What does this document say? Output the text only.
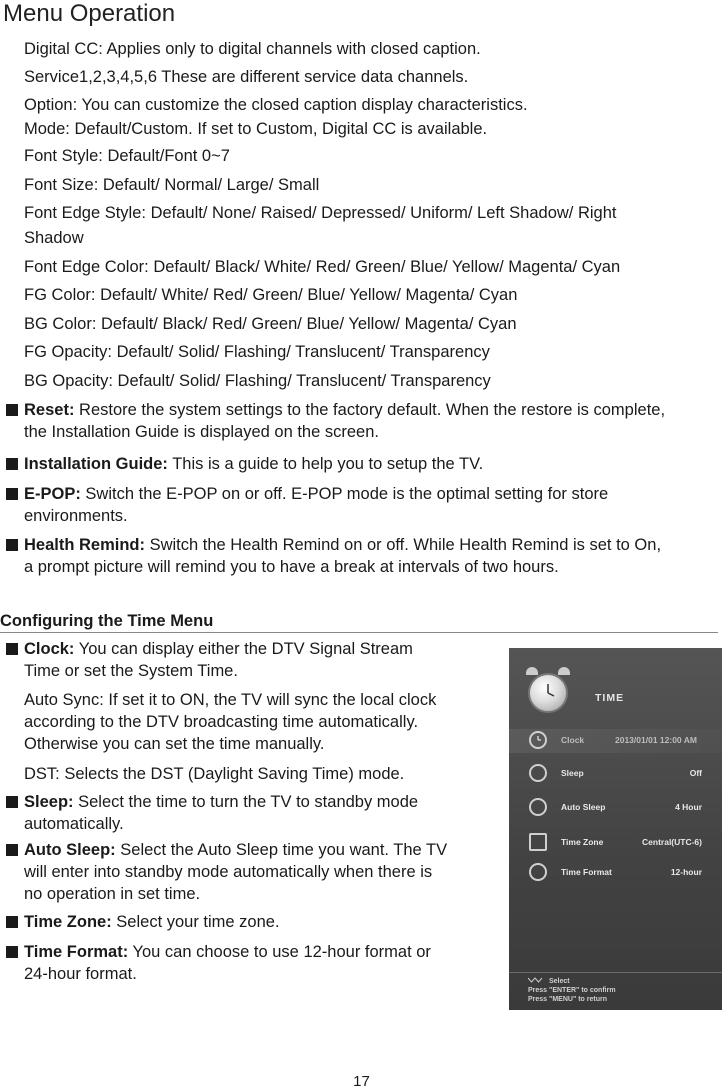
Menu Operation
Digital CC: Applies only to digital channels with closed caption.
Service1,2,3,4,5,6 These are different service data channels.
Option: You can customize the closed caption display characteristics.
Mode: Default/Custom. If set to Custom, Digital CC is available.
Font Style: Default/Font 0~7
Font Size: Default/ Normal/ Large/ Small
Font Edge Style: Default/ None/ Raised/ Depressed/ Uniform/ Left Shadow/ Right
Shadow
Font Edge Color: Default/ Black/ White/ Red/ Green/ Blue/ Yellow/ Magenta/ Cyan
FG Color: Default/ White/ Red/ Green/ Blue/ Yellow/ Magenta/ Cyan
BG Color: Default/ Black/ Red/ Green/ Blue/ Yellow/ Magenta/ Cyan
FG Opacity: Default/ Solid/ Flashing/ Translucent/ Transparency
BG Opacity: Default/ Solid/ Flashing/ Translucent/ Transparency
Reset: Restore the system settings to the factory default. When the restore is complete,
the Installation Guide is displayed on the screen.
Installation Guide: This is a guide to help you to setup the TV.
E-POP: Switch the E-POP on or off. E-POP mode is the optimal setting for store
environments.
Health Remind: Switch the Health Remind on or off. While Health Remind is set to On,
a prompt picture will remind you to have a break at intervals of two hours.
Configuring the Time Menu
Clock: You can display either the DTV Signal Stream
Time or set the System Time.
Auto Sync: If set it to ON, the TV will sync the local clock
according to the DTV broadcasting time automatically.
Otherwise you can set the time manually.
DST: Selects the DST (Daylight Saving Time) mode.
Sleep: Select the time to turn the TV to standby mode
automatically.
Auto Sleep: Select the Auto Sleep time you want. The TV
will enter into standby mode automatically when there is
no operation in set time.
Time Zone: Select your time zone.
Time Format: You can choose to use 12-hour format or
24-hour format.
TIME
Clock	2013/01/01 12:00 AM
Sleep	Off
Auto Sleep	4 Hour
Time Zone	Central(UTC-6)
Time Format	12-hour
Select
Press "ENTER" to confirm
Press "MENU" to return
17
